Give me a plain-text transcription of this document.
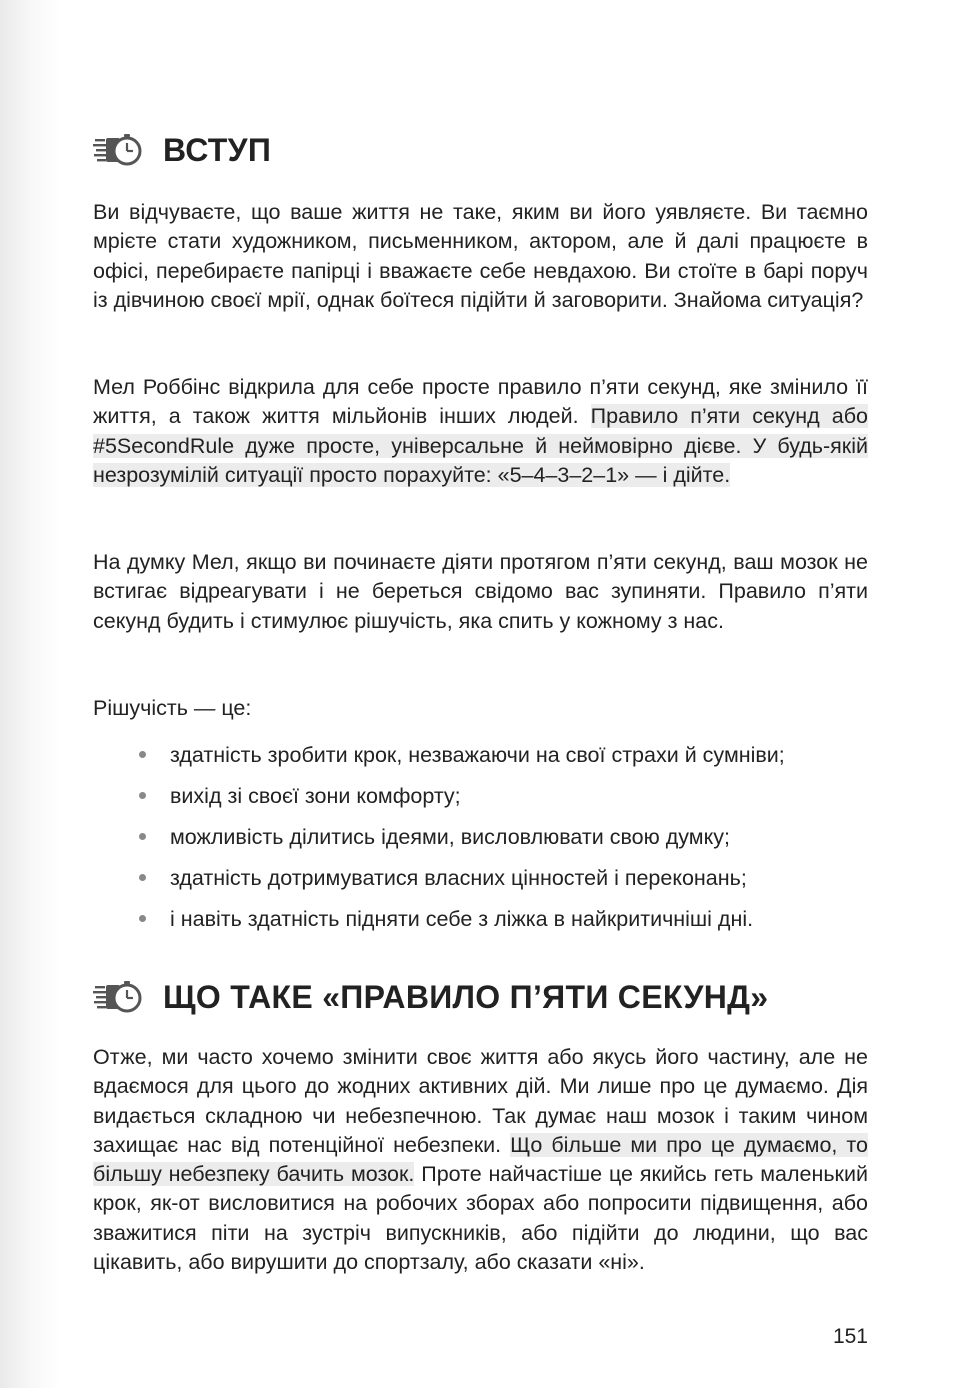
ВСТУП

Ви відчуваєте, що ваше життя не таке, яким ви його уявляєте. Ви таємно мрієте стати художником, письменником, актором, але й далі працюєте в офісі, перебираєте папірці і вважаєте себе невдахою. Ви стоїте в барі поруч із дівчиною своєї мрії, однак боїтеся підійти й заговорити. Знайома ситуація?

Мел Роббінс відкрила для себе просте правило п’яти секунд, яке змінило її життя, а також життя мільйонів інших людей. Правило п’яти секунд або #5SecondRule дуже просте, універсальне й неймовірно дієве. У будь-якій незрозумілій ситуації просто порахуйте: «5–4–3–2–1» — і дійте.

На думку Мел, якщо ви починаєте діяти протягом п’яти секунд, ваш мозок не встигає відреагувати і не береться свідомо вас зупиняти. Правило п’яти секунд будить і стимулює рішучість, яка спить у кожному з нас.

Рішучість — це:

здатність зробити крок, незважаючи на свої страхи й сумніви;
вихід зі своєї зони комфорту;
можливість ділитись ідеями, висловлювати свою думку;
здатність дотримуватися власних цінностей і переконань;
і навіть здатність підняти себе з ліжка в найкритичніші дні.
ЩО ТАКЕ «ПРАВИЛО П’ЯТИ СЕКУНД»

Отже, ми часто хочемо змінити своє життя або якусь його частину, але не вдаємося для цього до жодних активних дій. Ми лише про це думаємо. Дія видається складною чи небезпечною. Так думає наш мозок і таким чином захищає нас від потенційної небезпеки. Що більше ми про це думаємо, то більшу небезпеку бачить мозок. Проте найчастіше це якийсь геть маленький крок, як-от висловитися на робочих зборах або попросити підвищення, або зважитися піти на зустріч випускників, або підійти до людини, що вас цікавить, або вирушити до спортзалу, або сказати «ні».

151
